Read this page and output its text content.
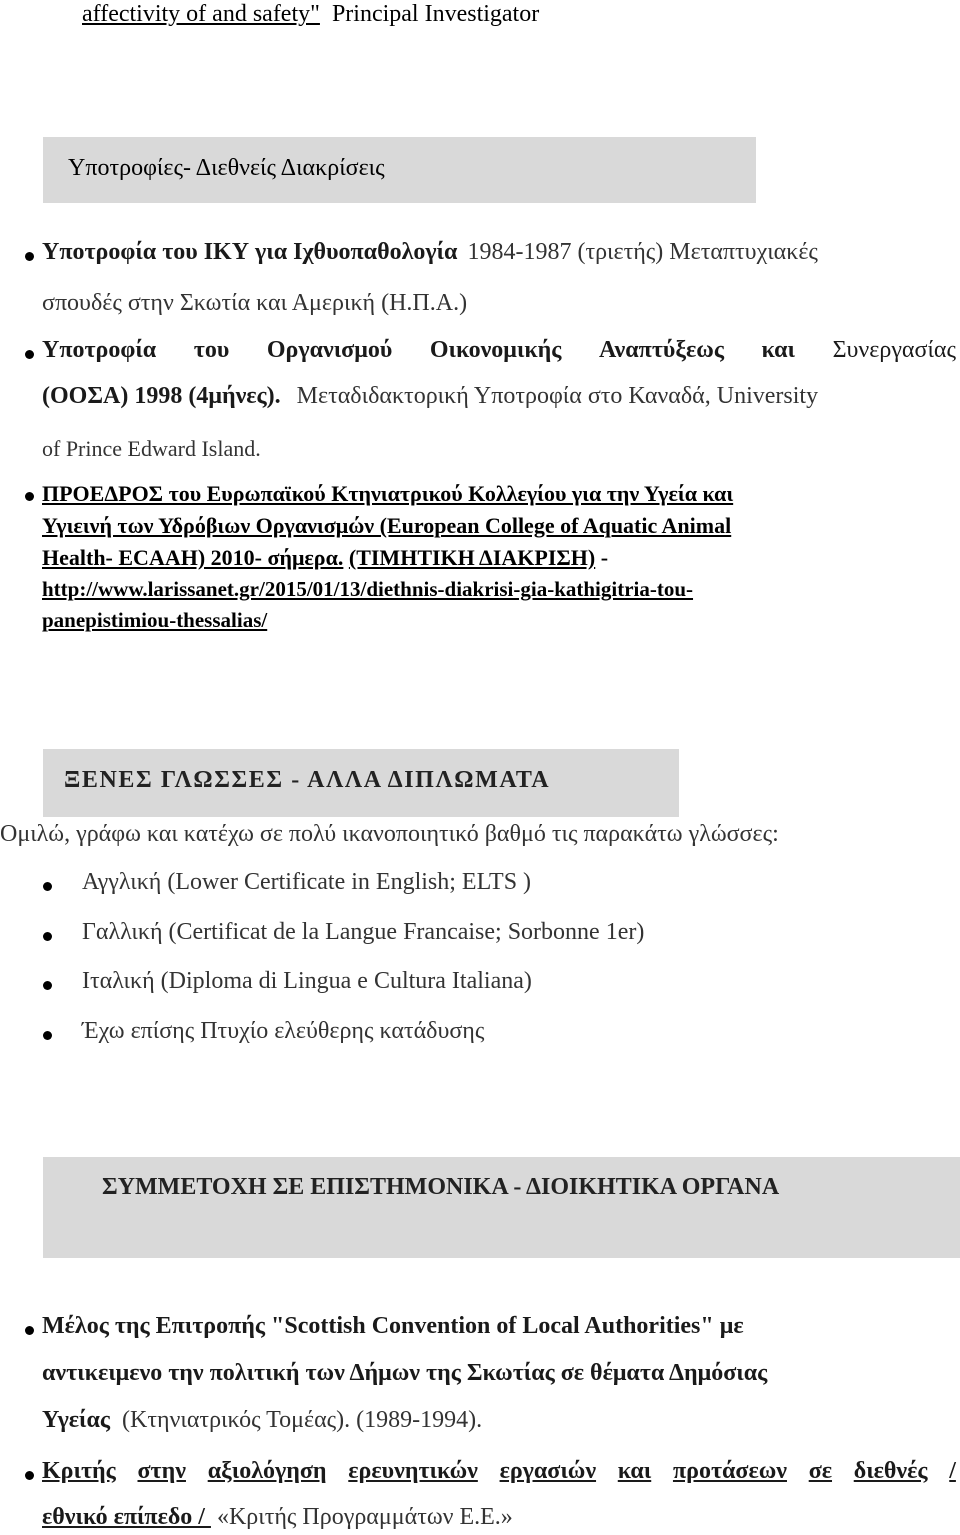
affectivity of and safety" Principal Investigator
Υποτροφίες- Διεθνείς Διακρίσεις
Υποτροφία του ΙΚΥ για Ιχθυοπαθολογία 1984-1987 (τριετής) Μεταπτυχιακές
σπουδές στην Σκωτία και Αμερική (Η.Π.Α.)
Υποτροφία του Οργανισμού Οικονομικής Αναπτύξεως και Συνεργασίας
(ΟΟΣΑ) 1998 (4μήνες). Μεταδιδακτορική Υποτροφία στο Καναδά, University
of Prince Edward Island.
ΠΡΟΕΔΡΟΣ του Ευρωπαϊκού Κτηνιατρικού Κολλεγίου για την Υγεία και
Υγιεινή των Υδρόβιων Οργανισμών (European College of Aquatic Animal
Health- ECAAH) 2010- σήμερα. (ΤΙΜΗΤΙΚΗ ΔΙΑΚΡΙΣΗ) -
http://www.larissanet.gr/2015/01/13/diethnis-diakrisi-gia-kathigitria-tou-
panepistimiou-thessalias/
ΞΕΝΕΣ ΓΛΩΣΣΕΣ - ΑΛΛΑ ΔΙΠΛΩΜΑΤΑ
Ομιλώ, γράφω και κατέχω σε πολύ ικανοποιητικό βαθμό τις παρακάτω γλώσσες:
Αγγλική (Lower Certificate in English; ELTS )
Γαλλική (Certificat de la Langue Francaise; Sorbonne 1er)
Ιταλική (Diploma di Lingua e Cultura Italiana)
Έχω επίσης Πτυχίο ελεύθερης κατάδυσης
ΣΥΜΜΕΤΟΧΗ ΣΕ ΕΠΙΣΤΗΜΟΝΙΚΑ - ΔΙΟΙΚΗΤΙΚΑ ΟΡΓΑΝΑ
Μέλος της Επιτροπής "Scottish Convention of Local Authorities" με
αντικειμενο την πολιτική των Δήμων της Σκωτίας σε θέματα Δημόσιας
Υγείας (Κτηνιατρικός Τομέας). (1989-1994).
Κριτής στην αξιολόγηση ερευνητικών εργασιών και προτάσεων σε διεθνές /
εθνικό επίπεδο /  «Κριτής Προγραμμάτων Ε.Ε.»
